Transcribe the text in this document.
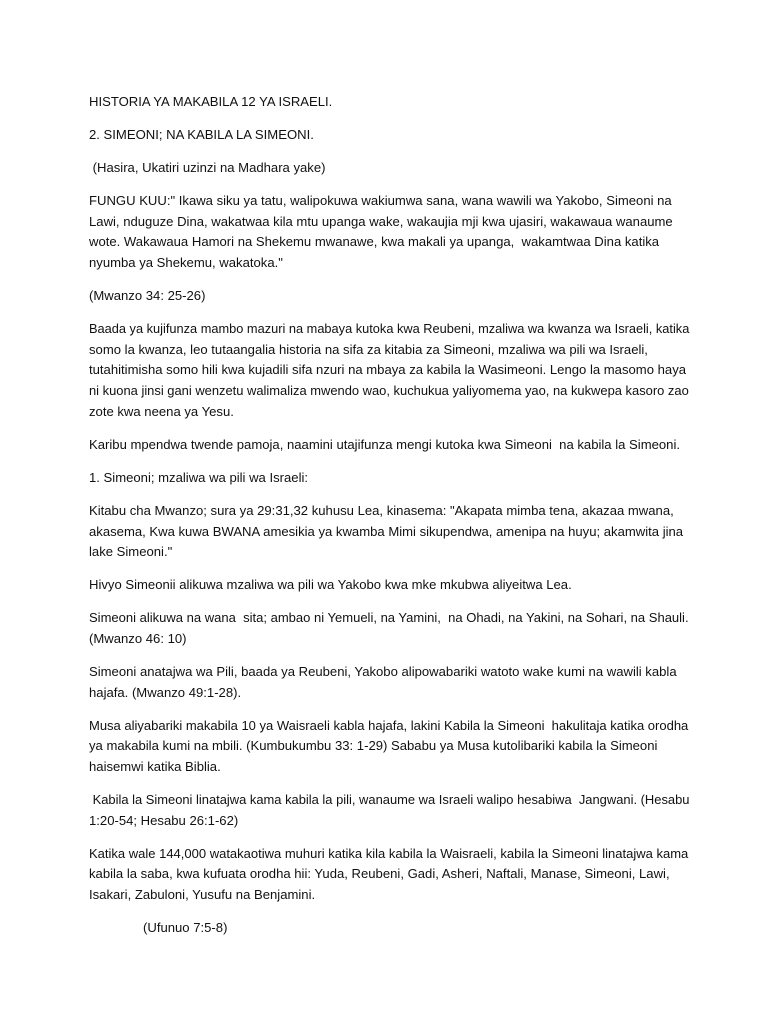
HISTORIA YA MAKABILA 12 YA ISRAELI.

2. SIMEONI; NA KABILA LA SIMEONI.

(Hasira, Ukatiri uzinzi na Madhara yake)

FUNGU KUU:" Ikawa siku ya tatu, walipokuwa wakiumwa sana, wana wawili wa Yakobo, Simeoni na
Lawi, nduguze Dina, wakatwaa kila mtu upanga wake, wakaujia mji kwa ujasiri, wakawaua wanaume
wote. Wakawaua Hamori na Shekemu mwanawe, kwa makali ya upanga,  wakamtwaa Dina katika
nyumba ya Shekemu, wakatoka."

(Mwanzo 34: 25-26)

Baada ya kujifunza mambo mazuri na mabaya kutoka kwa Reubeni, mzaliwa wa kwanza wa Israeli, katika
somo la kwanza, leo tutaangalia historia na sifa za kitabia za Simeoni, mzaliwa wa pili wa Israeli,
tutahitimisha somo hili kwa kujadili sifa nzuri na mbaya za kabila la Wasimeoni. Lengo la masomo haya
ni kuona jinsi gani wenzetu walimaliza mwendo wao, kuchukua yaliyomema yao, na kukwepa kasoro zao
zote kwa neena ya Yesu.

Karibu mpendwa twende pamoja, naamini utajifunza mengi kutoka kwa Simeoni  na kabila la Simeoni.

1. Simeoni; mzaliwa wa pili wa Israeli:

Kitabu cha Mwanzo; sura ya 29:31,32 kuhusu Lea, kinasema: "Akapata mimba tena, akazaa mwana,
akasema, Kwa kuwa BWANA amesikia ya kwamba Mimi sikupendwa, amenipa na huyu; akamwita jina
lake Simeoni."

Hivyo Simeonii alikuwa mzaliwa wa pili wa Yakobo kwa mke mkubwa aliyeitwa Lea.

Simeoni alikuwa na wana  sita; ambao ni Yemueli, na Yamini,  na Ohadi, na Yakini, na Sohari, na Shauli.
(Mwanzo 46: 10)

Simeoni anatajwa wa Pili, baada ya Reubeni, Yakobo alipowabariki watoto wake kumi na wawili kabla
hajafa. (Mwanzo 49:1-28).

Musa aliyabariki makabila 10 ya Waisraeli kabla hajafa, lakini Kabila la Simeoni  hakulitaja katika orodha
ya makabila kumi na mbili. (Kumbukumbu 33: 1-29) Sababu ya Musa kutolibariki kabila la Simeoni
haisemwi katika Biblia.

Kabila la Simeoni linatajwa kama kabila la pili, wanaume wa Israeli walipo hesabiwa  Jangwani. (Hesabu
1:20-54; Hesabu 26:1-62)

Katika wale 144,000 watakaotiwa muhuri katika kila kabila la Waisraeli, kabila la Simeoni linatajwa kama
kabila la saba, kwa kufuata orodha hii: Yuda, Reubeni, Gadi, Asheri, Naftali, Manase, Simeoni, Lawi,
Isakari, Zabuloni, Yusufu na Benjamini.

(Ufunuo 7:5-8)
